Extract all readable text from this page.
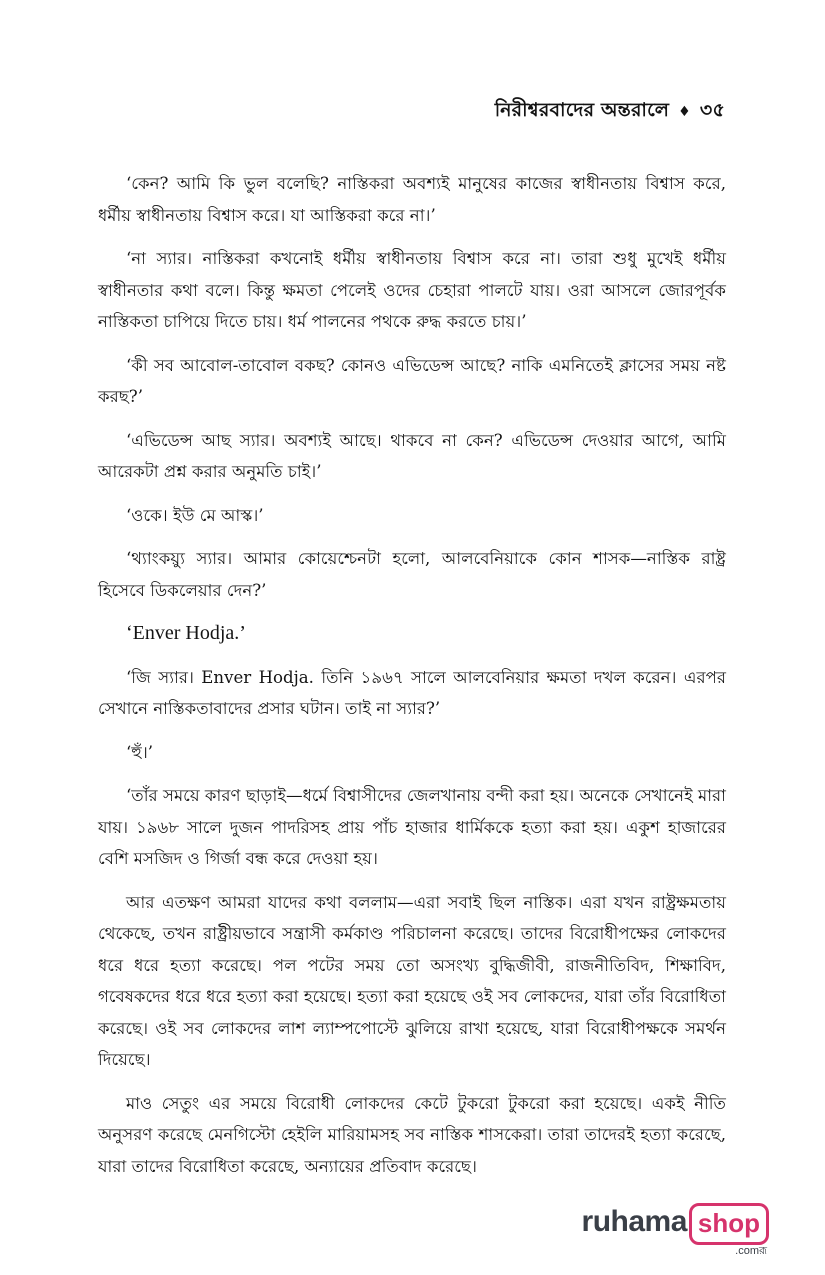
নিরীশ্বরবাদের অন্তরালে ♦ ৩৫

‘কেন? আমি কি ভুল বলেছি? নাস্তিকরা অবশ্যই মানুষের কাজের স্বাধীনতায় বিশ্বাস করে, ধর্মীয় স্বাধীনতায় বিশ্বাস করে। যা আস্তিকরা করে না।’

‘না স্যার। নাস্তিকরা কখনোই ধর্মীয় স্বাধীনতায় বিশ্বাস করে না। তারা শুধু মুখেই ধর্মীয় স্বাধীনতার কথা বলে। কিন্তু ক্ষমতা পেলেই ওদের চেহারা পালটে যায়। ওরা আসলে জোরপূর্বক নাস্তিকতা চাপিয়ে দিতে চায়। ধর্ম পালনের পথকে রুদ্ধ করতে চায়।’

‘কী সব আবোল-তাবোল বকছ? কোনও এভিডেন্স আছে? নাকি এমনিতেই ক্লাসের সময় নষ্ট করছ?’

‘এভিডেন্স আছ স্যার। অবশ্যই আছে। থাকবে না কেন? এভিডেন্স দেওয়ার আগে, আমি আরেকটা প্রশ্ন করার অনুমতি চাই।’

‘ওকে। ইউ মে আস্ক।’

‘থ্যাংকয়্যু স্যার। আমার কোয়েশ্চেনটা হলো, আলবেনিয়াকে কোন শাসক—নাস্তিক রাষ্ট্র হিসেবে ডিকলেয়ার দেন?’

‘Enver Hodja.’

‘জি স্যার। Enver Hodja. তিনি ১৯৬৭ সালে আলবেনিয়ার ক্ষমতা দখল করেন। এরপর সেখানে নাস্তিকতাবাদের প্রসার ঘটান। তাই না স্যার?’

‘হুঁ।’

‘তাঁর সময়ে কারণ ছাড়াই—ধর্মে বিশ্বাসীদের জেলখানায় বন্দী করা হয়। অনেকে সেখানেই মারা যায়। ১৯৬৮ সালে দুজন পাদরিসহ প্রায় পাঁচ হাজার ধার্মিককে হত্যা করা হয়। একুশ হাজারের বেশি মসজিদ ও গির্জা বন্ধ করে দেওয়া হয়।

আর এতক্ষণ আমরা যাদের কথা বললাম—এরা সবাই ছিল নাস্তিক। এরা যখন রাষ্ট্রক্ষমতায় থেকেছে, তখন রাষ্ট্রীয়ভাবে সন্ত্রাসী কর্মকাণ্ড পরিচালনা করেছে। তাদের বিরোধীপক্ষের লোকদের ধরে ধরে হত্যা করেছে। পল পটের সময় তো অসংখ্য বুদ্ধিজীবী, রাজনীতিবিদ, শিক্ষাবিদ, গবেষকদের ধরে ধরে হত্যা করা হয়েছে। হত্যা করা হয়েছে ওই সব লোকদের, যারা তাঁর বিরোধিতা করেছে। ওই সব লোকদের লাশ ল্যাম্পপোস্টে ঝুলিয়ে রাখা হয়েছে, যারা বিরোধীপক্ষকে সমর্থন দিয়েছে।

মাও সেতুং এর সময়ে বিরোধী লোকদের কেটে টুকরো টুকরো করা হয়েছে। একই নীতি অনুসরণ করেছে মেনগিস্টো হেইলি মারিয়ামসহ সব নাস্তিক শাসকেরা। তারা তাদেরই হত্যা করেছে, যারা তাদের বিরোধিতা করেছে, অন্যায়ের প্রতিবাদ করেছে।

ruhama shop
.comরূ
